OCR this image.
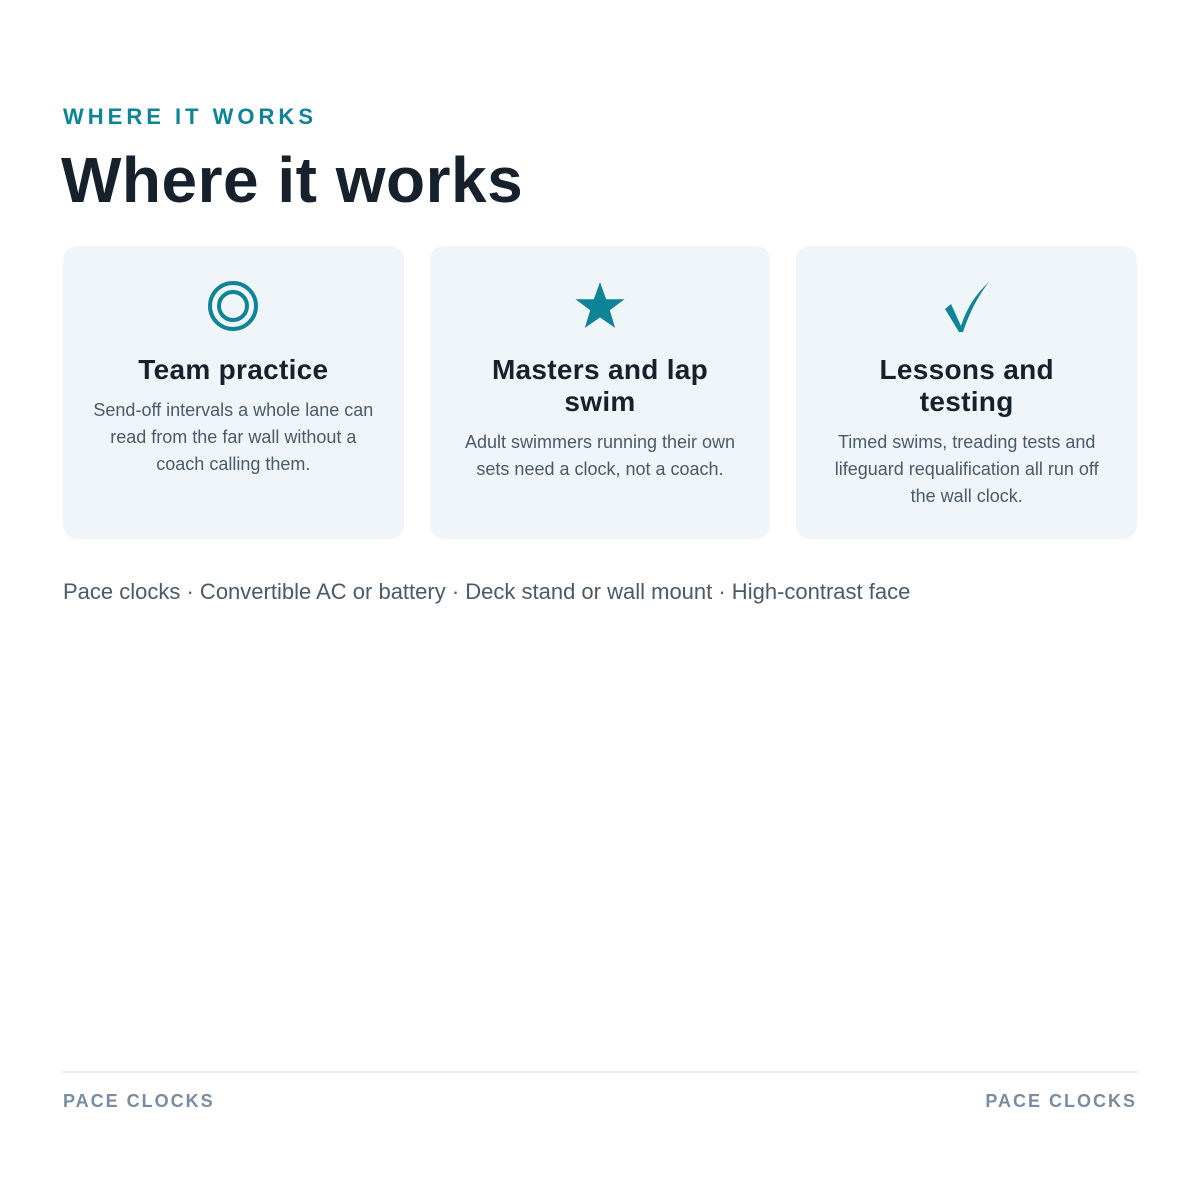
WHERE IT WORKS
Where it works
Team practice

Send-off intervals a whole lane can read from the far wall without a coach calling them.

Masters and lap swim

Adult swimmers running their own sets need a clock, not a coach.

Lessons and testing

Timed swims, treading tests and lifeguard requalification all run off the wall clock.

Pace clocks · Convertible AC or battery · Deck stand or wall mount · High-contrast face
PACE CLOCKS	PACE CLOCKS
